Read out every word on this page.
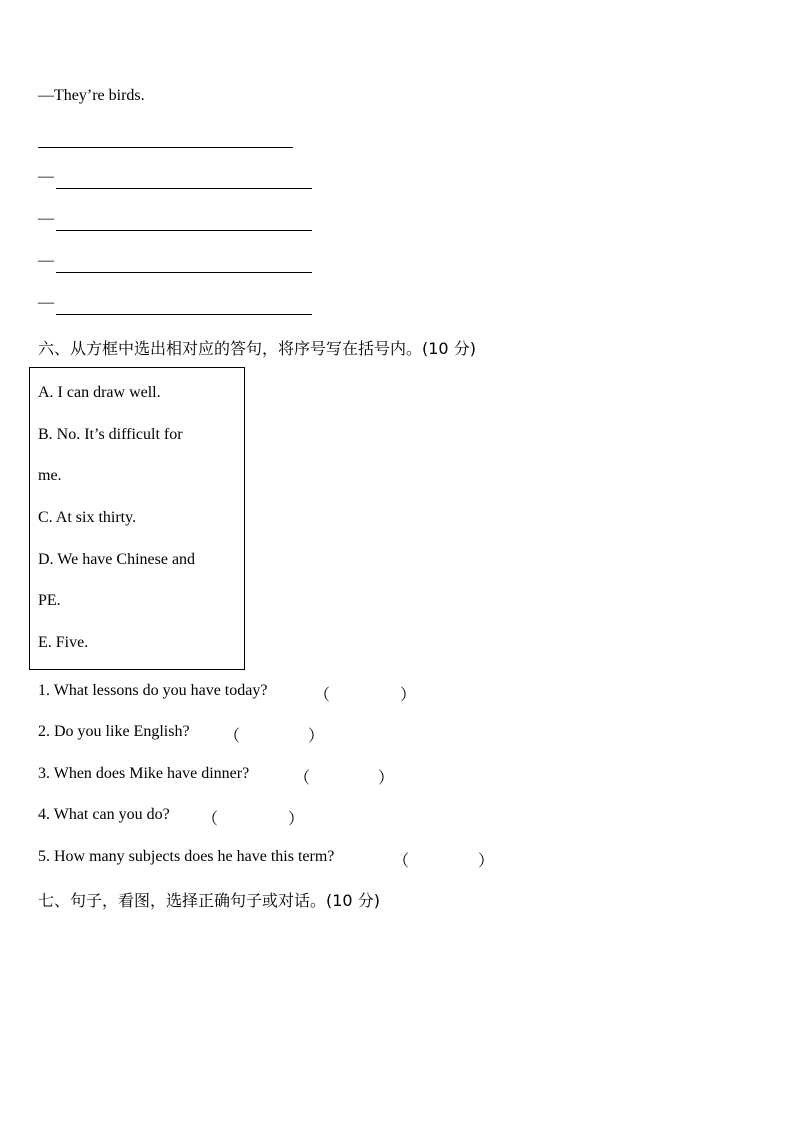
—They’re birds.
—
—
—
—
六、从方框中选出相对应的答句，将序号写在括号内。(10 分)
A. I can draw well.
B. No. It’s difficult for
me.
C. At six thirty.
D. We have Chinese and
PE.
E. Five.
1. What lessons do you have today?	（	）
2. Do you like English? （	）
3. When does Mike have dinner?	（	）
4. What can you do? （	）
5. How many subjects does he have this term?	（	）
七、句子，看图，选择正确句子或对话。(10 分)
